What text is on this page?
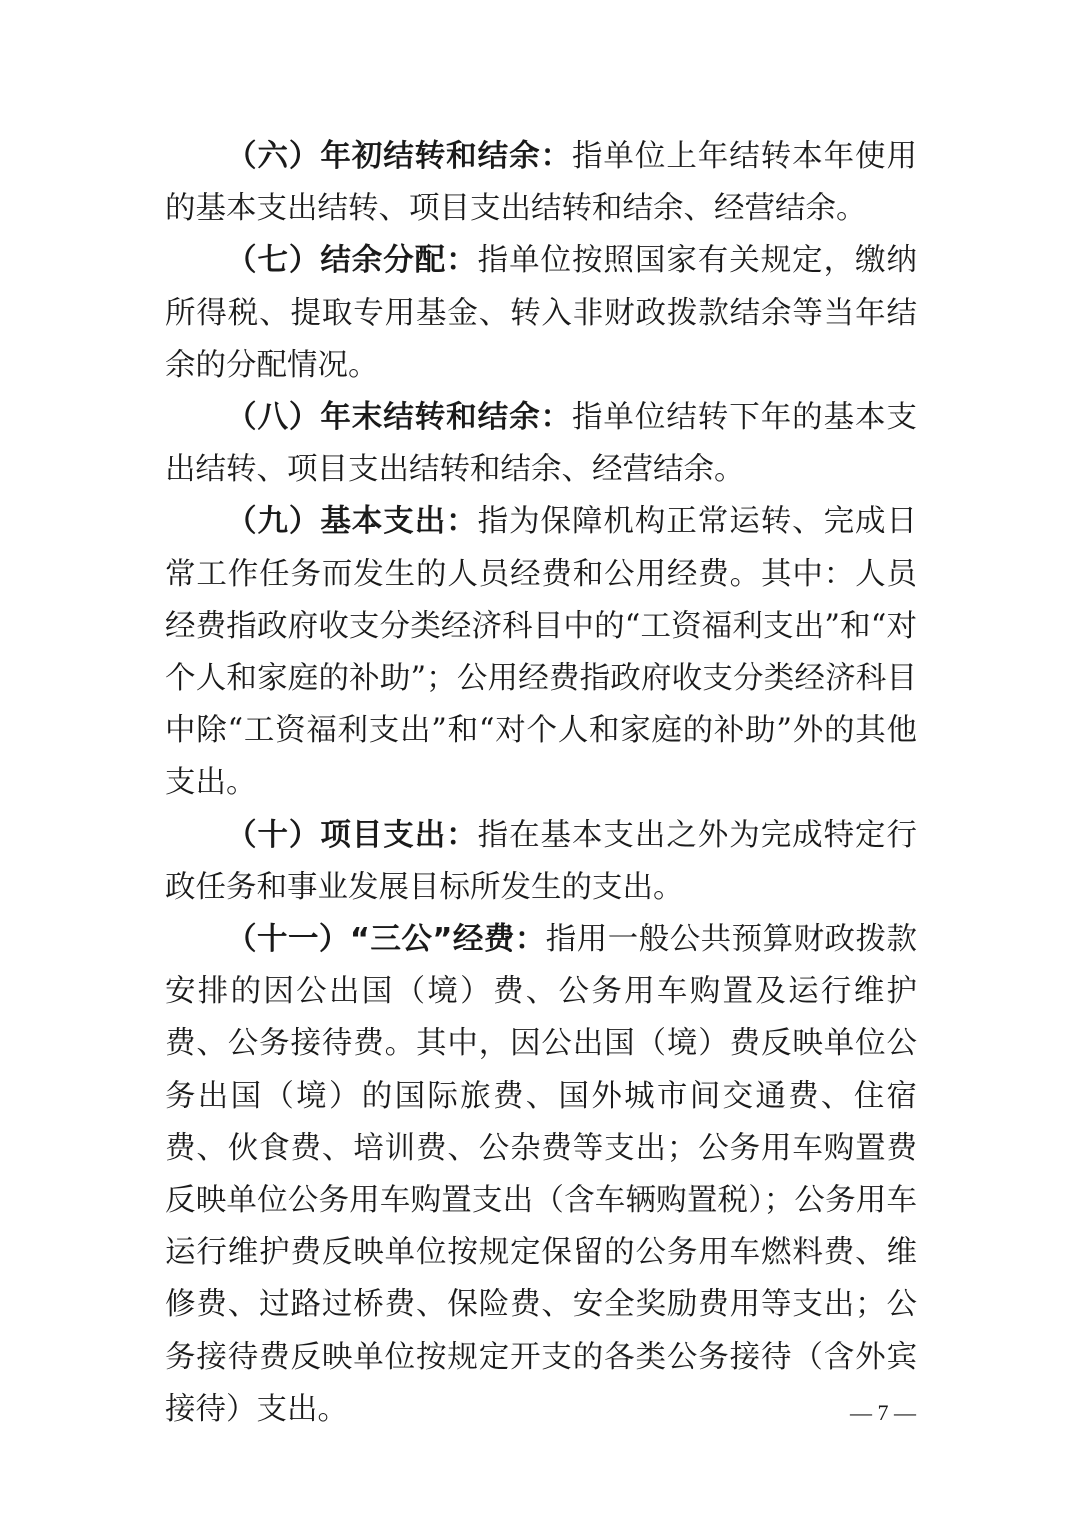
（六）年初结转和结余：指单位上年结转本年使用的基本支出结转、项目支出结转和结余、经营结余。

（七）结余分配：指单位按照国家有关规定，缴纳所得税、提取专用基金、转入非财政拨款结余等当年结余的分配情况。

（八）年末结转和结余：指单位结转下年的基本支出结转、项目支出结转和结余、经营结余。

（九）基本支出：指为保障机构正常运转、完成日常工作任务而发生的人员经费和公用经费。其中：人员经费指政府收支分类经济科目中的“工资福利支出”和“对个人和家庭的补助”；公用经费指政府收支分类经济科目中除“工资福利支出”和“对个人和家庭的补助”外的其他支出。

（十）项目支出：指在基本支出之外为完成特定行政任务和事业发展目标所发生的支出。

（十一）“三公”经费：指用一般公共预算财政拨款安排的因公出国（境）费、公务用车购置及运行维护费、公务接待费。其中，因公出国（境）费反映单位公务出国（境）的国际旅费、国外城市间交通费、住宿费、伙食费、培训费、公杂费等支出；公务用车购置费反映单位公务用车购置支出（含车辆购置税）；公务用车运行维护费反映单位按规定保留的公务用车燃料费、维修费、过路过桥费、保险费、安全奖励费用等支出；公务接待费反映单位按规定开支的各类公务接待（含外宾接待）支出。	— 7 —
